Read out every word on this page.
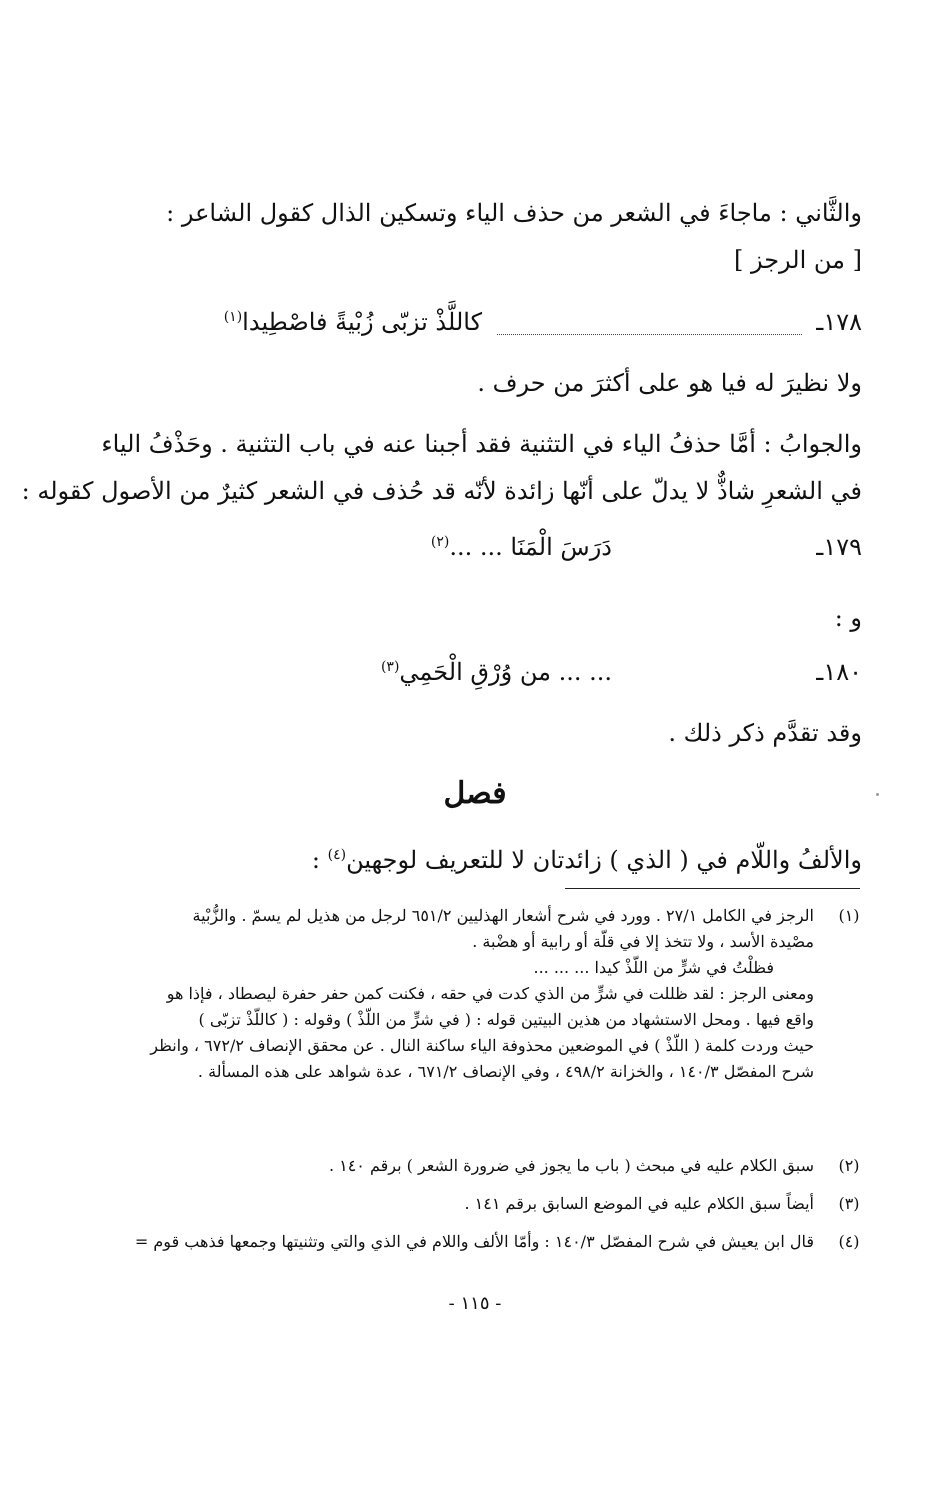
والثَّاني : ماجاءَ في الشعر من حذف الياء وتسكين الذال كقول الشاعر :
[ من الرجز ]
١٧٨ـ
كاللَّذْ تزبّى زُبْيةً فاصْطِيدا$^{(١)}$
ولا نظيرَ له فيا هو على أكثرَ من حرف .
والجوابُ : أمَّا حذفُ الياء في التثنية فقد أجبنا عنه في باب التثنية . وحَذْفُ الياء
في الشعرِ شاذٌّ لا يدلّ على أنّها زائدة لأنّه قد حُذف في الشعر كثيرٌ من الأصول كقوله :
١٧٩ـ
دَرَسَ الْمَنَا ... ...$^{(٢)}$
و :
١٨٠ـ
... ... من وُرْقِ الْحَمِي$^{(٣)}$
وقد تقدَّم ذكر ذلك .
فصل
والألفُ واللّام في ( الذي ) زائدتان لا للتعريف لوجهين$^{(٤)}$ :
(١)

الرجز في الكامل ٢٧/١ . وورد في شرح أشعار الهذليين ٦٥١/٢ لرجل من هذيل لم يسمّ . والزُّبْية

مصْيدة الأسد ، ولا تتخذ إلا في قلّة أو رابية أو هضْبة .

فظلْتُ في شرٍّ من اللّذْ كيدا ... ... ...

ومعنى الرجز : لقد ظللت في شرٍّ من الذي كدت في حقه ، فكنت كمن حفر حفرة ليصطاد ، فإذا هو

واقع فيها . ومحل الاستشهاد من هذين البيتين قوله : ( في شرٍّ من اللّذْ ) وقوله : ( كاللّذْ تزبّى )

حيث وردت كلمة ( اللّذْ ) في الموضعين محذوفة الياء ساكنة النال . عن محقق الإنصاف ٦٧٢/٢ ، وانظر

شرح المفصّل ١٤٠/٣ ، والخزانة ٤٩٨/٢ ، وفي الإنصاف ٦٧١/٢ ، عدة شواهد على هذه المسألة .

(٢)

سبق الكلام عليه في مبحث ( باب ما يجوز في ضرورة الشعر ) برقم ١٤٠ .

(٣)

أيضاً سبق الكلام عليه في الموضع السابق برقم ١٤١ .

(٤)

قال ابن يعيش في شرح المفصّل ١٤٠/٣ : وأمّا الألف واللام في الذي والتي وتثنيتها وجمعها فذهب قوم =

- ١١٥ -
